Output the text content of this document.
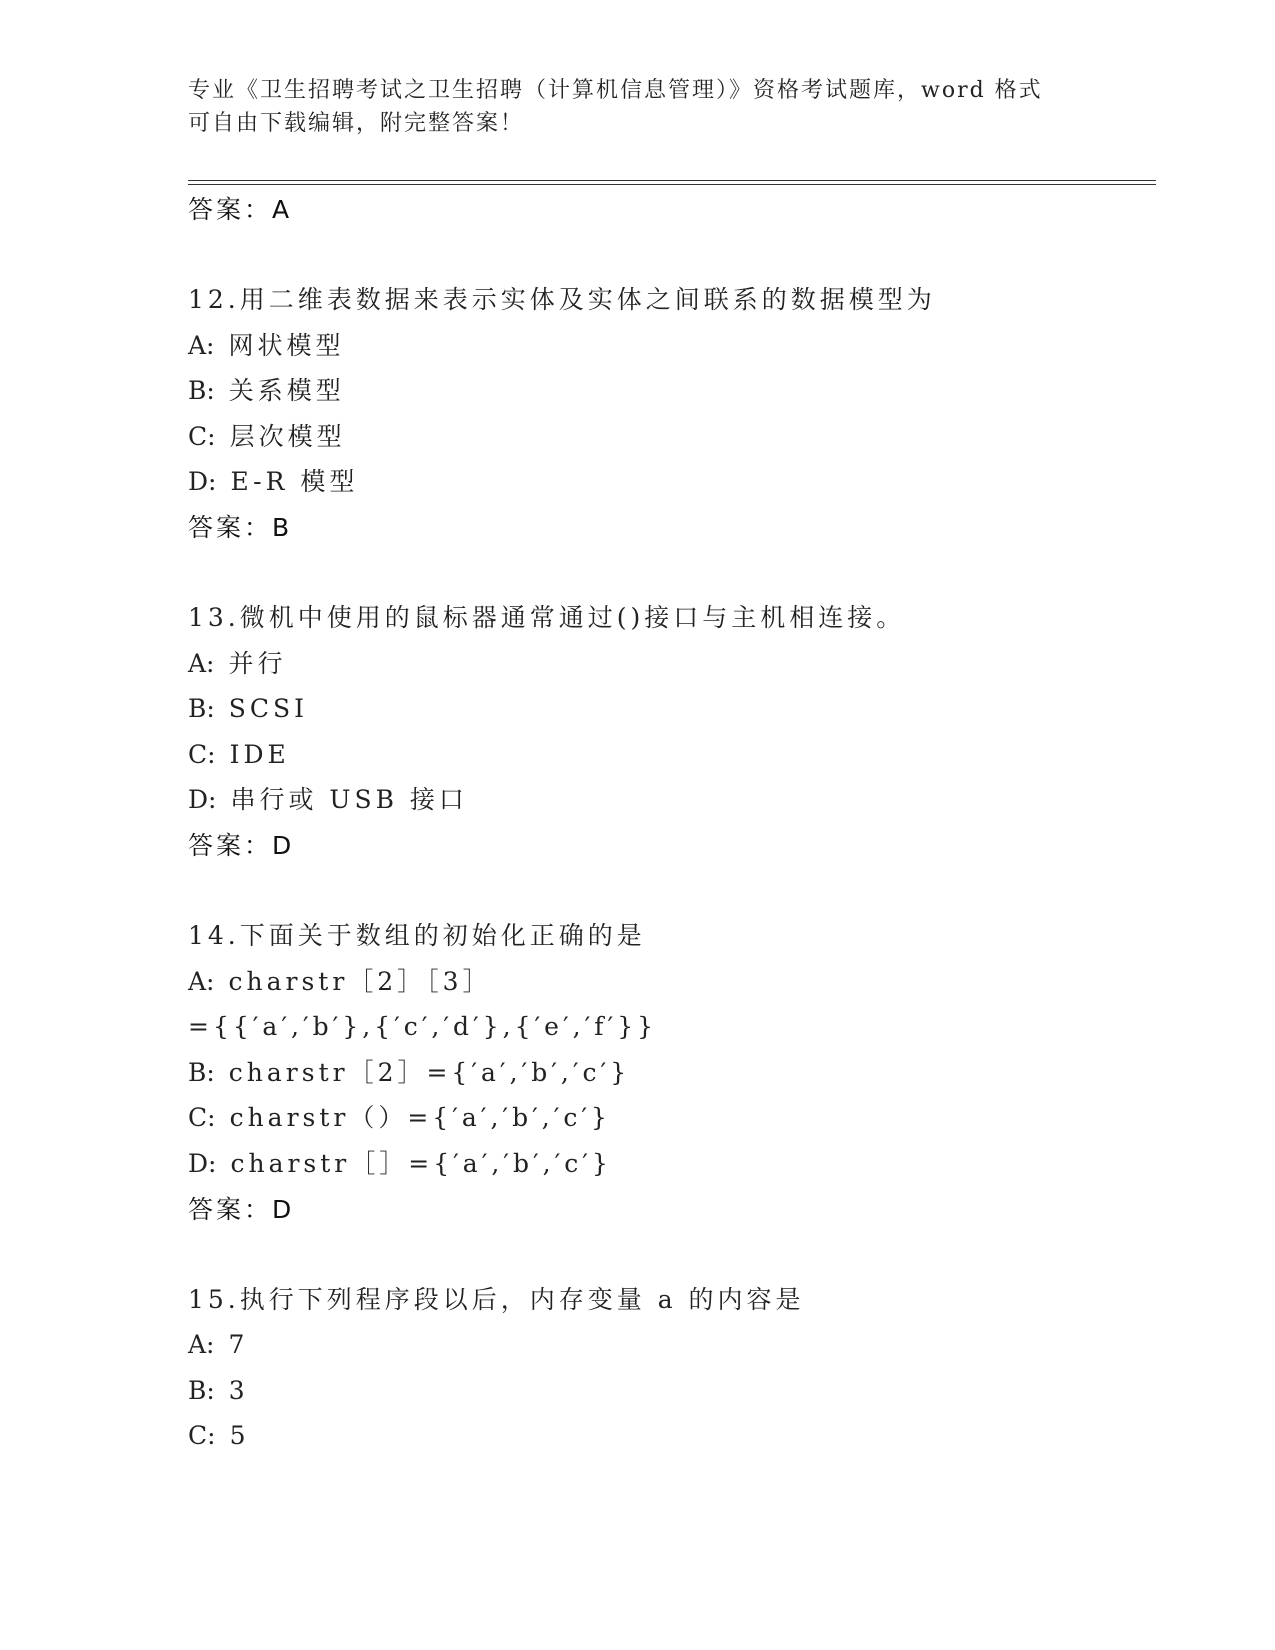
专业《卫生招聘考试之卫生招聘（计算机信息管理）》资格考试题库，word 格式
可自由下载编辑，附完整答案！
答案：A
12.用二维表数据来表示实体及实体之间联系的数据模型为
A: 网状模型
B: 关系模型
C: 层次模型
D: E-R 模型
答案：B
13.微机中使用的鼠标器通常通过()接口与主机相连接。
A: 并行
B: SCSI
C: IDE
D: 串行或 USB 接口
答案：D
14.下面关于数组的初始化正确的是
A: charstr［2］［3］
={{′a′,′b′},{′c′,′d′},{′e′,′f′}}
B: charstr［2］={′a′,′b′,′c′}
C: charstr（）={′a′,′b′,′c′}
D: charstr［］={′a′,′b′,′c′}
答案：D
15.执行下列程序段以后，内存变量 a 的内容是
A: 7
B: 3
C: 5
